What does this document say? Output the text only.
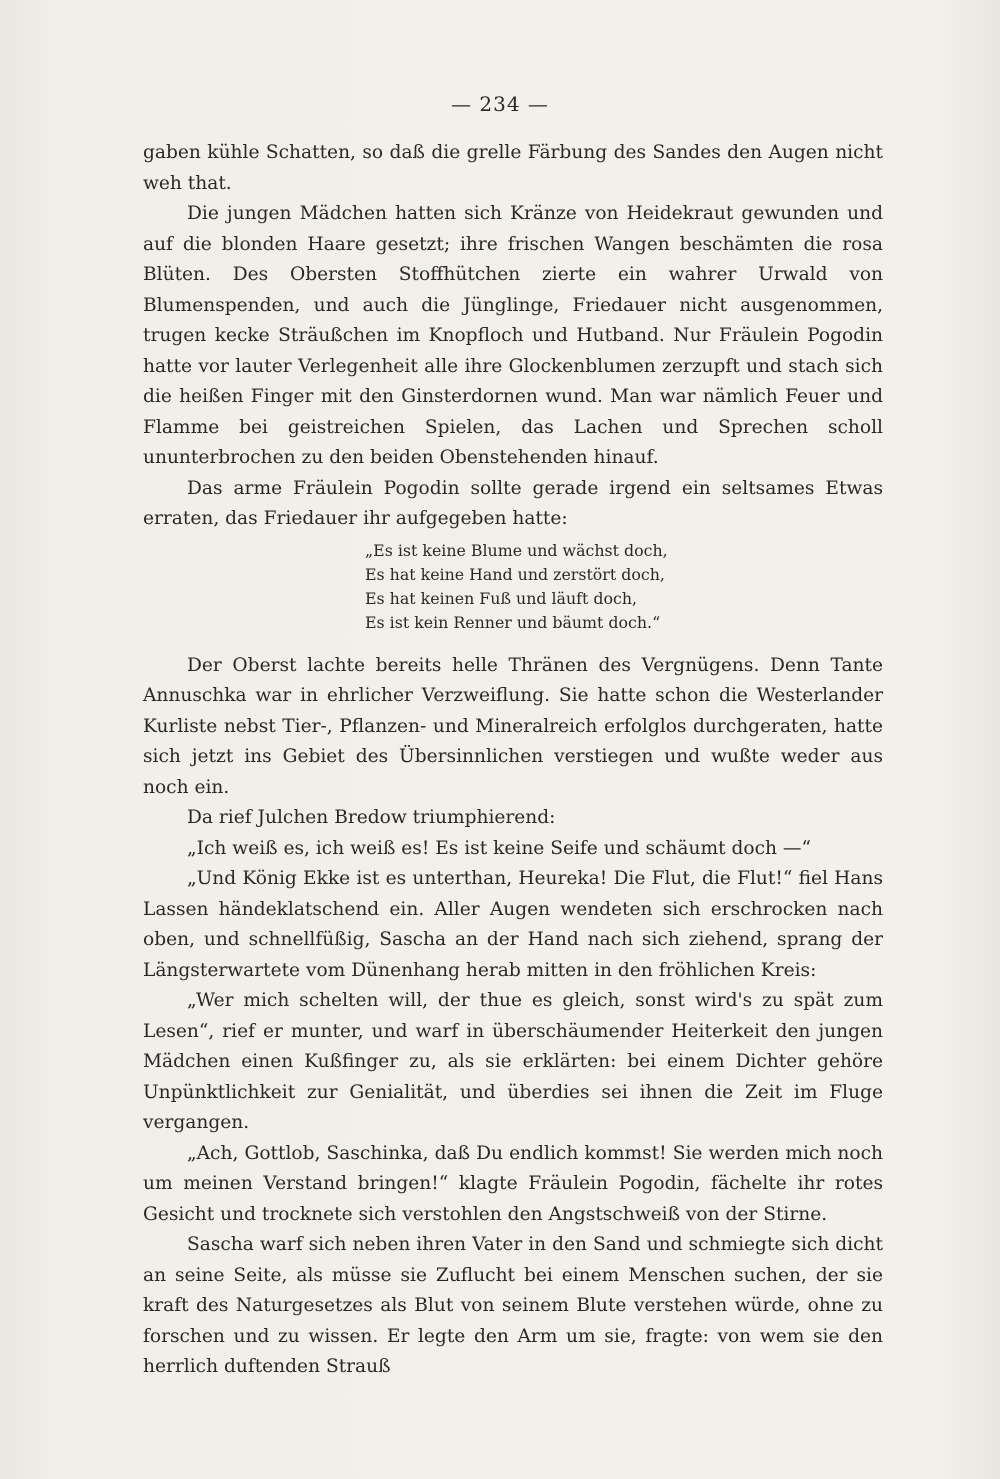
— 234 —

gaben kühle Schatten, so daß die grelle Färbung des Sandes den Augen nicht weh that.

Die jungen Mädchen hatten sich Kränze von Heidekraut gewunden und auf die blonden Haare gesetzt; ihre frischen Wangen beschämten die rosa Blüten. Des Obersten Stoffhütchen zierte ein wahrer Urwald von Blumenspenden, und auch die Jünglinge, Friedauer nicht ausgenommen, trugen kecke Sträußchen im Knopfloch und Hutband. Nur Fräulein Pogodin hatte vor lauter Verlegenheit alle ihre Glockenblumen zerzupft und stach sich die heißen Finger mit den Ginsterdornen wund. Man war nämlich Feuer und Flamme bei geistreichen Spielen, das Lachen und Sprechen scholl ununterbrochen zu den beiden Obenstehenden hinauf.

Das arme Fräulein Pogodin sollte gerade irgend ein seltsames Etwas erraten, das Friedauer ihr aufgegeben hatte:

„Es ist keine Blume und wächst doch,
Es hat keine Hand und zerstört doch,
Es hat keinen Fuß und läuft doch,
Es ist kein Renner und bäumt doch.“

Der Oberst lachte bereits helle Thränen des Vergnügens. Denn Tante Annuschka war in ehrlicher Verzweiflung. Sie hatte schon die Westerlander Kurliste nebst Tier-, Pflanzen- und Mineralreich erfolglos durchgeraten, hatte sich jetzt ins Gebiet des Übersinnlichen verstiegen und wußte weder aus noch ein.

Da rief Julchen Bredow triumphierend:

„Ich weiß es, ich weiß es! Es ist keine Seife und schäumt doch —“

„Und König Ekke ist es unterthan, Heureka! Die Flut, die Flut!“ fiel Hans Lassen händeklatschend ein. Aller Augen wendeten sich erschrocken nach oben, und schnellfüßig, Sascha an der Hand nach sich ziehend, sprang der Längsterwartete vom Dünenhang herab mitten in den fröhlichen Kreis:

„Wer mich schelten will, der thue es gleich, sonst wird's zu spät zum Lesen“, rief er munter, und warf in überschäumender Heiterkeit den jungen Mädchen einen Kußfinger zu, als sie erklärten: bei einem Dichter gehöre Unpünktlichkeit zur Genialität, und überdies sei ihnen die Zeit im Fluge vergangen.

„Ach, Gottlob, Saschinka, daß Du endlich kommst! Sie werden mich noch um meinen Verstand bringen!“ klagte Fräulein Pogodin, fächelte ihr rotes Gesicht und trocknete sich verstohlen den Angstschweiß von der Stirne.

Sascha warf sich neben ihren Vater in den Sand und schmiegte sich dicht an seine Seite, als müsse sie Zuflucht bei einem Menschen suchen, der sie kraft des Naturgesetzes als Blut von seinem Blute verstehen würde, ohne zu forschen und zu wissen. Er legte den Arm um sie, fragte: von wem sie den herrlich duftenden Strauß
